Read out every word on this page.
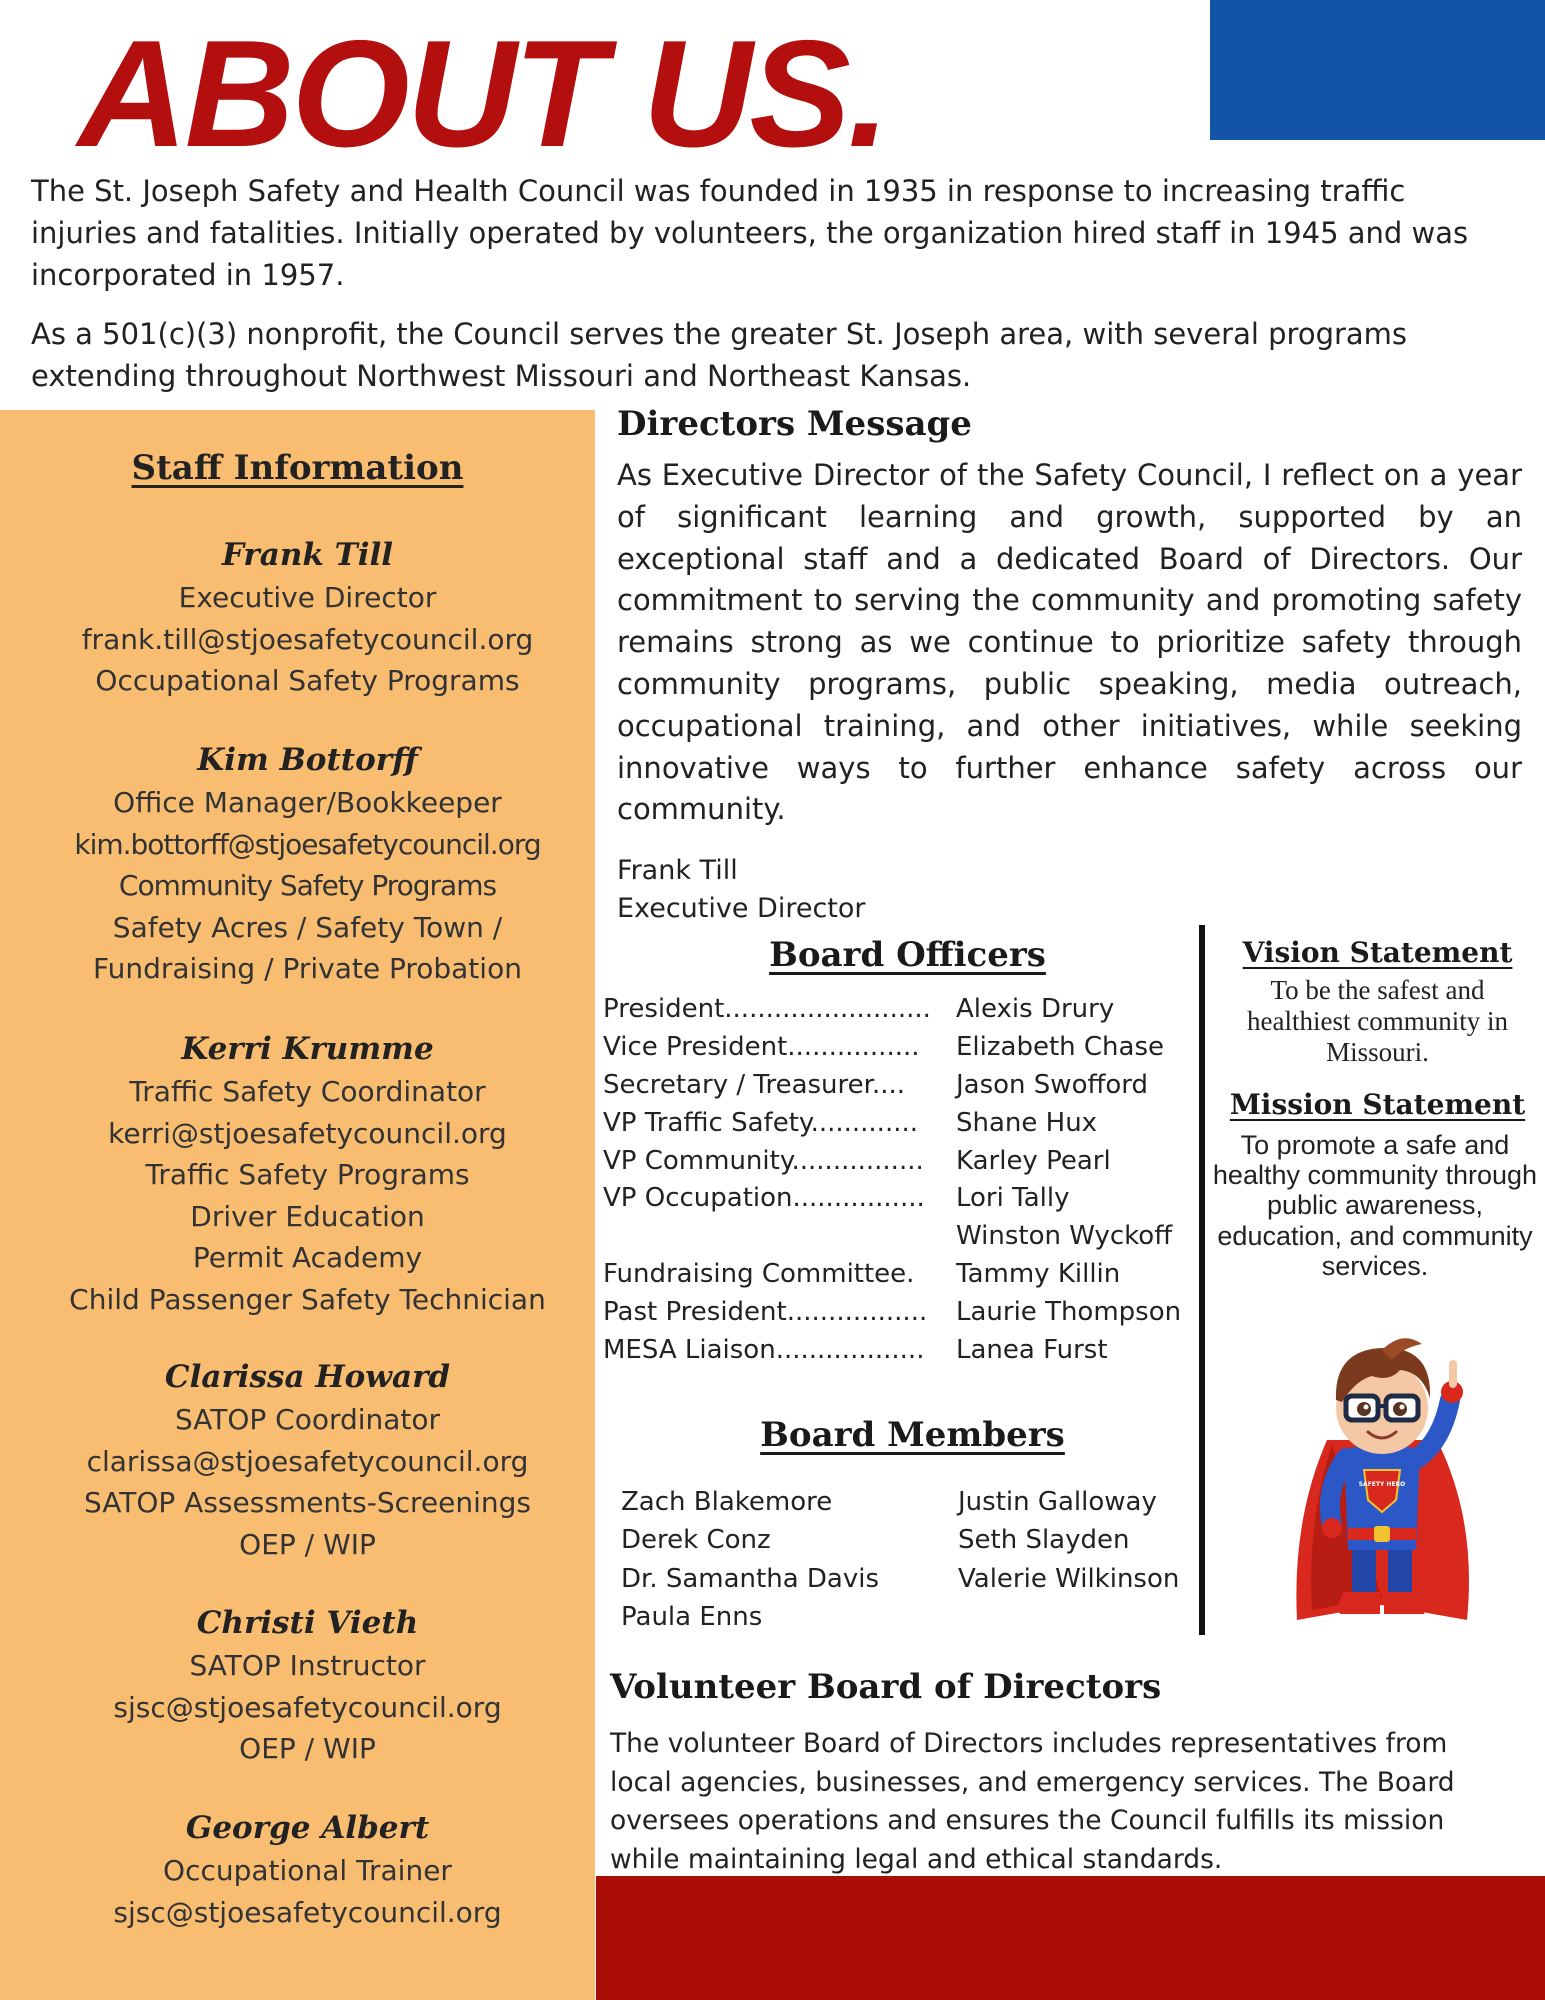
ABOUT US.

The St. Joseph Safety and Health Council was founded in 1935 in response to increasing traffic injuries and fatalities. Initially operated by volunteers, the organization hired staff in 1945 and was incorporated in 1957.

As a 501(c)(3) nonprofit, the Council serves the greater St. Joseph area, with several programs extending throughout Northwest Missouri and Northeast Kansas.

Staff Information
Frank Till
Executive Director
frank.till@stjoesafetycouncil.org
Occupational Safety Programs
Kim Bottorff
Office Manager/Bookkeeper
kim.bottorff@stjoesafetycouncil.org
Community Safety Programs
Safety Acres / Safety Town /
Fundraising / Private Probation
Kerri Krumme
Traffic Safety Coordinator
kerri@stjoesafetycouncil.org
Traffic Safety Programs
Driver Education
Permit Academy
Child Passenger Safety Technician
Clarissa Howard
SATOP Coordinator
clarissa@stjoesafetycouncil.org
SATOP Assessments-Screenings
OEP / WIP
Christi Vieth
SATOP Instructor
sjsc@stjoesafetycouncil.org
OEP / WIP
George Albert
Occupational Trainer
sjsc@stjoesafetycouncil.org
Directors Message

As Executive Director of the Safety Council, I reflect on a year of significant learning and growth, supported by an exceptional staff and a dedicated Board of Directors. Our commitment to serving the community and promoting safety remains strong as we continue to prioritize safety through community programs, public speaking, media outreach, occupational training, and other initiatives, while seeking innovative ways to further enhance safety across our community.

Frank Till
Executive Director
Board Officers
President.........................
Vice President................
Secretary / Treasurer....
VP Traffic Safety.............
VP Community................
VP Occupation................
Fundraising Committee.
Past President.................
MESA Liaison..................
Alexis Drury
Elizabeth Chase
Jason Swofford
Shane Hux
Karley Pearl
Lori Tally
Winston Wyckoff
Tammy Killin
Laurie Thompson
Lanea Furst
Board Members
Zach Blakemore
Derek Conz
Dr. Samantha Davis
Paula Enns
Justin Galloway
Seth Slayden
Valerie Wilkinson
Vision Statement

To be the safest and healthiest community in Missouri.

Mission Statement

To promote a safe and healthy community through public awareness, education, and community services.

SAFETY HERO
Volunteer Board of Directors

The volunteer Board of Directors includes representatives from local agencies, businesses, and emergency services. The Board oversees operations and ensures the Council fulfills its mission while maintaining legal and ethical standards.
